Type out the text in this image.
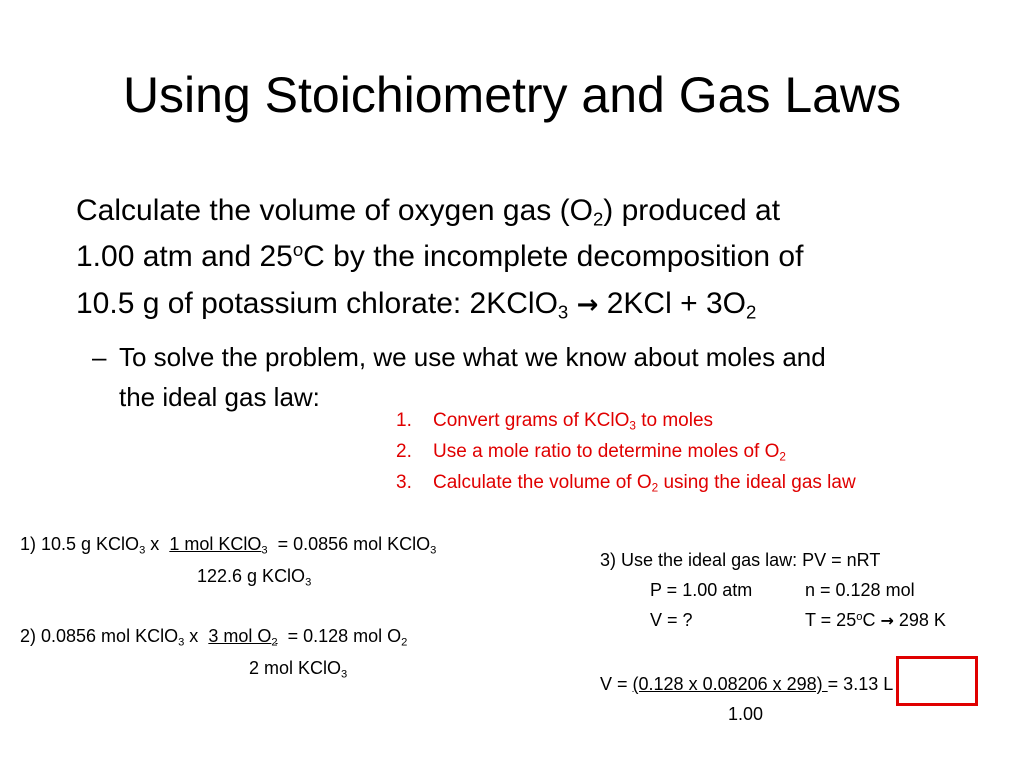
Using Stoichiometry and Gas Laws
Calculate the volume of oxygen gas $(O_2)$ produced at
1.00 atm and 25$^o$C by the incomplete decomposition of
10.5 g of potassium chlorate: 2KClO$_3$ → $2KCl + 3O_2$
– To solve the problem, we use what we know about moles and
the ideal gas law:
1. Convert grams of KClO$_3$ to moles
2. Use a mole ratio to determine moles of $O_2$
3. Calculate the volume of $O_2$ using the ideal gas law
1) 10.5 g KClO$_3$ x  1 mol KClO$_3$  = 0.0856 mol KClO$_3$
122.6 g KClO$_3$
2) 0.0856 mol KClO$_3$ x  3 mol $O_2 = 0.128$ mol $O_2$
2 mol KClO$_3$
3) Use the ideal gas law: PV = nRT
P = 1.00 atm	n = 0.128 mol
V = ?	$T = 25^oC \to 298$ K
V = (0.128 x 0.08206 x 298) = 3.13 L
1.00
